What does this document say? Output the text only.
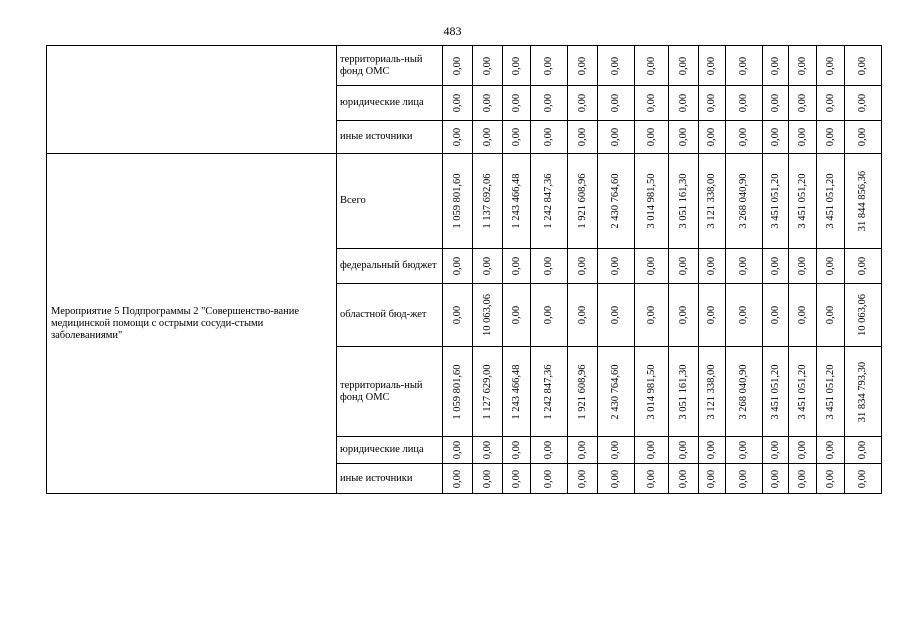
483
	территориаль-ный фонд ОМС	0,00	0,00	0,00	0,00	0,00	0,00	0,00	0,00	0,00	0,00	0,00	0,00	0,00	0,00

	юридические лица	0,00	0,00	0,00	0,00	0,00	0,00	0,00	0,00	0,00	0,00	0,00	0,00	0,00	0,00

	иные источники	0,00	0,00	0,00	0,00	0,00	0,00	0,00	0,00	0,00	0,00	0,00	0,00	0,00	0,00

Мероприятие 5 Подпрограммы 2 "Совершенство-вание медицинской помощи с острыми сосуди-стыми заболеваниями"	Всего	1 059 801,60	1 137 692,06	1 243 466,48	1 242 847,36	1 921 608,96	2 430 764,60	3 014 981,50	3 051 161,30	3 121 338,00	3 268 040,90	3 451 051,20	3 451 051,20	3 451 051,20	31 844 856,36

	федеральный бюджет	0,00	0,00	0,00	0,00	0,00	0,00	0,00	0,00	0,00	0,00	0,00	0,00	0,00	0,00

	областной бюд-жет	0,00	10 063,06	0,00	0,00	0,00	0,00	0,00	0,00	0,00	0,00	0,00	0,00	0,00	10 063,06

	территориаль-ный фонд ОМС	1 059 801,60	1 127 629,00	1 243 466,48	1 242 847,36	1 921 608,96	2 430 764,60	3 014 981,50	3 051 161,30	3 121 338,00	3 268 040,90	3 451 051,20	3 451 051,20	3 451 051,20	31 834 793,30

	юридические лица	0,00	0,00	0,00	0,00	0,00	0,00	0,00	0,00	0,00	0,00	0,00	0,00	0,00	0,00

	иные источники	0,00	0,00	0,00	0,00	0,00	0,00	0,00	0,00	0,00	0,00	0,00	0,00	0,00	0,00
